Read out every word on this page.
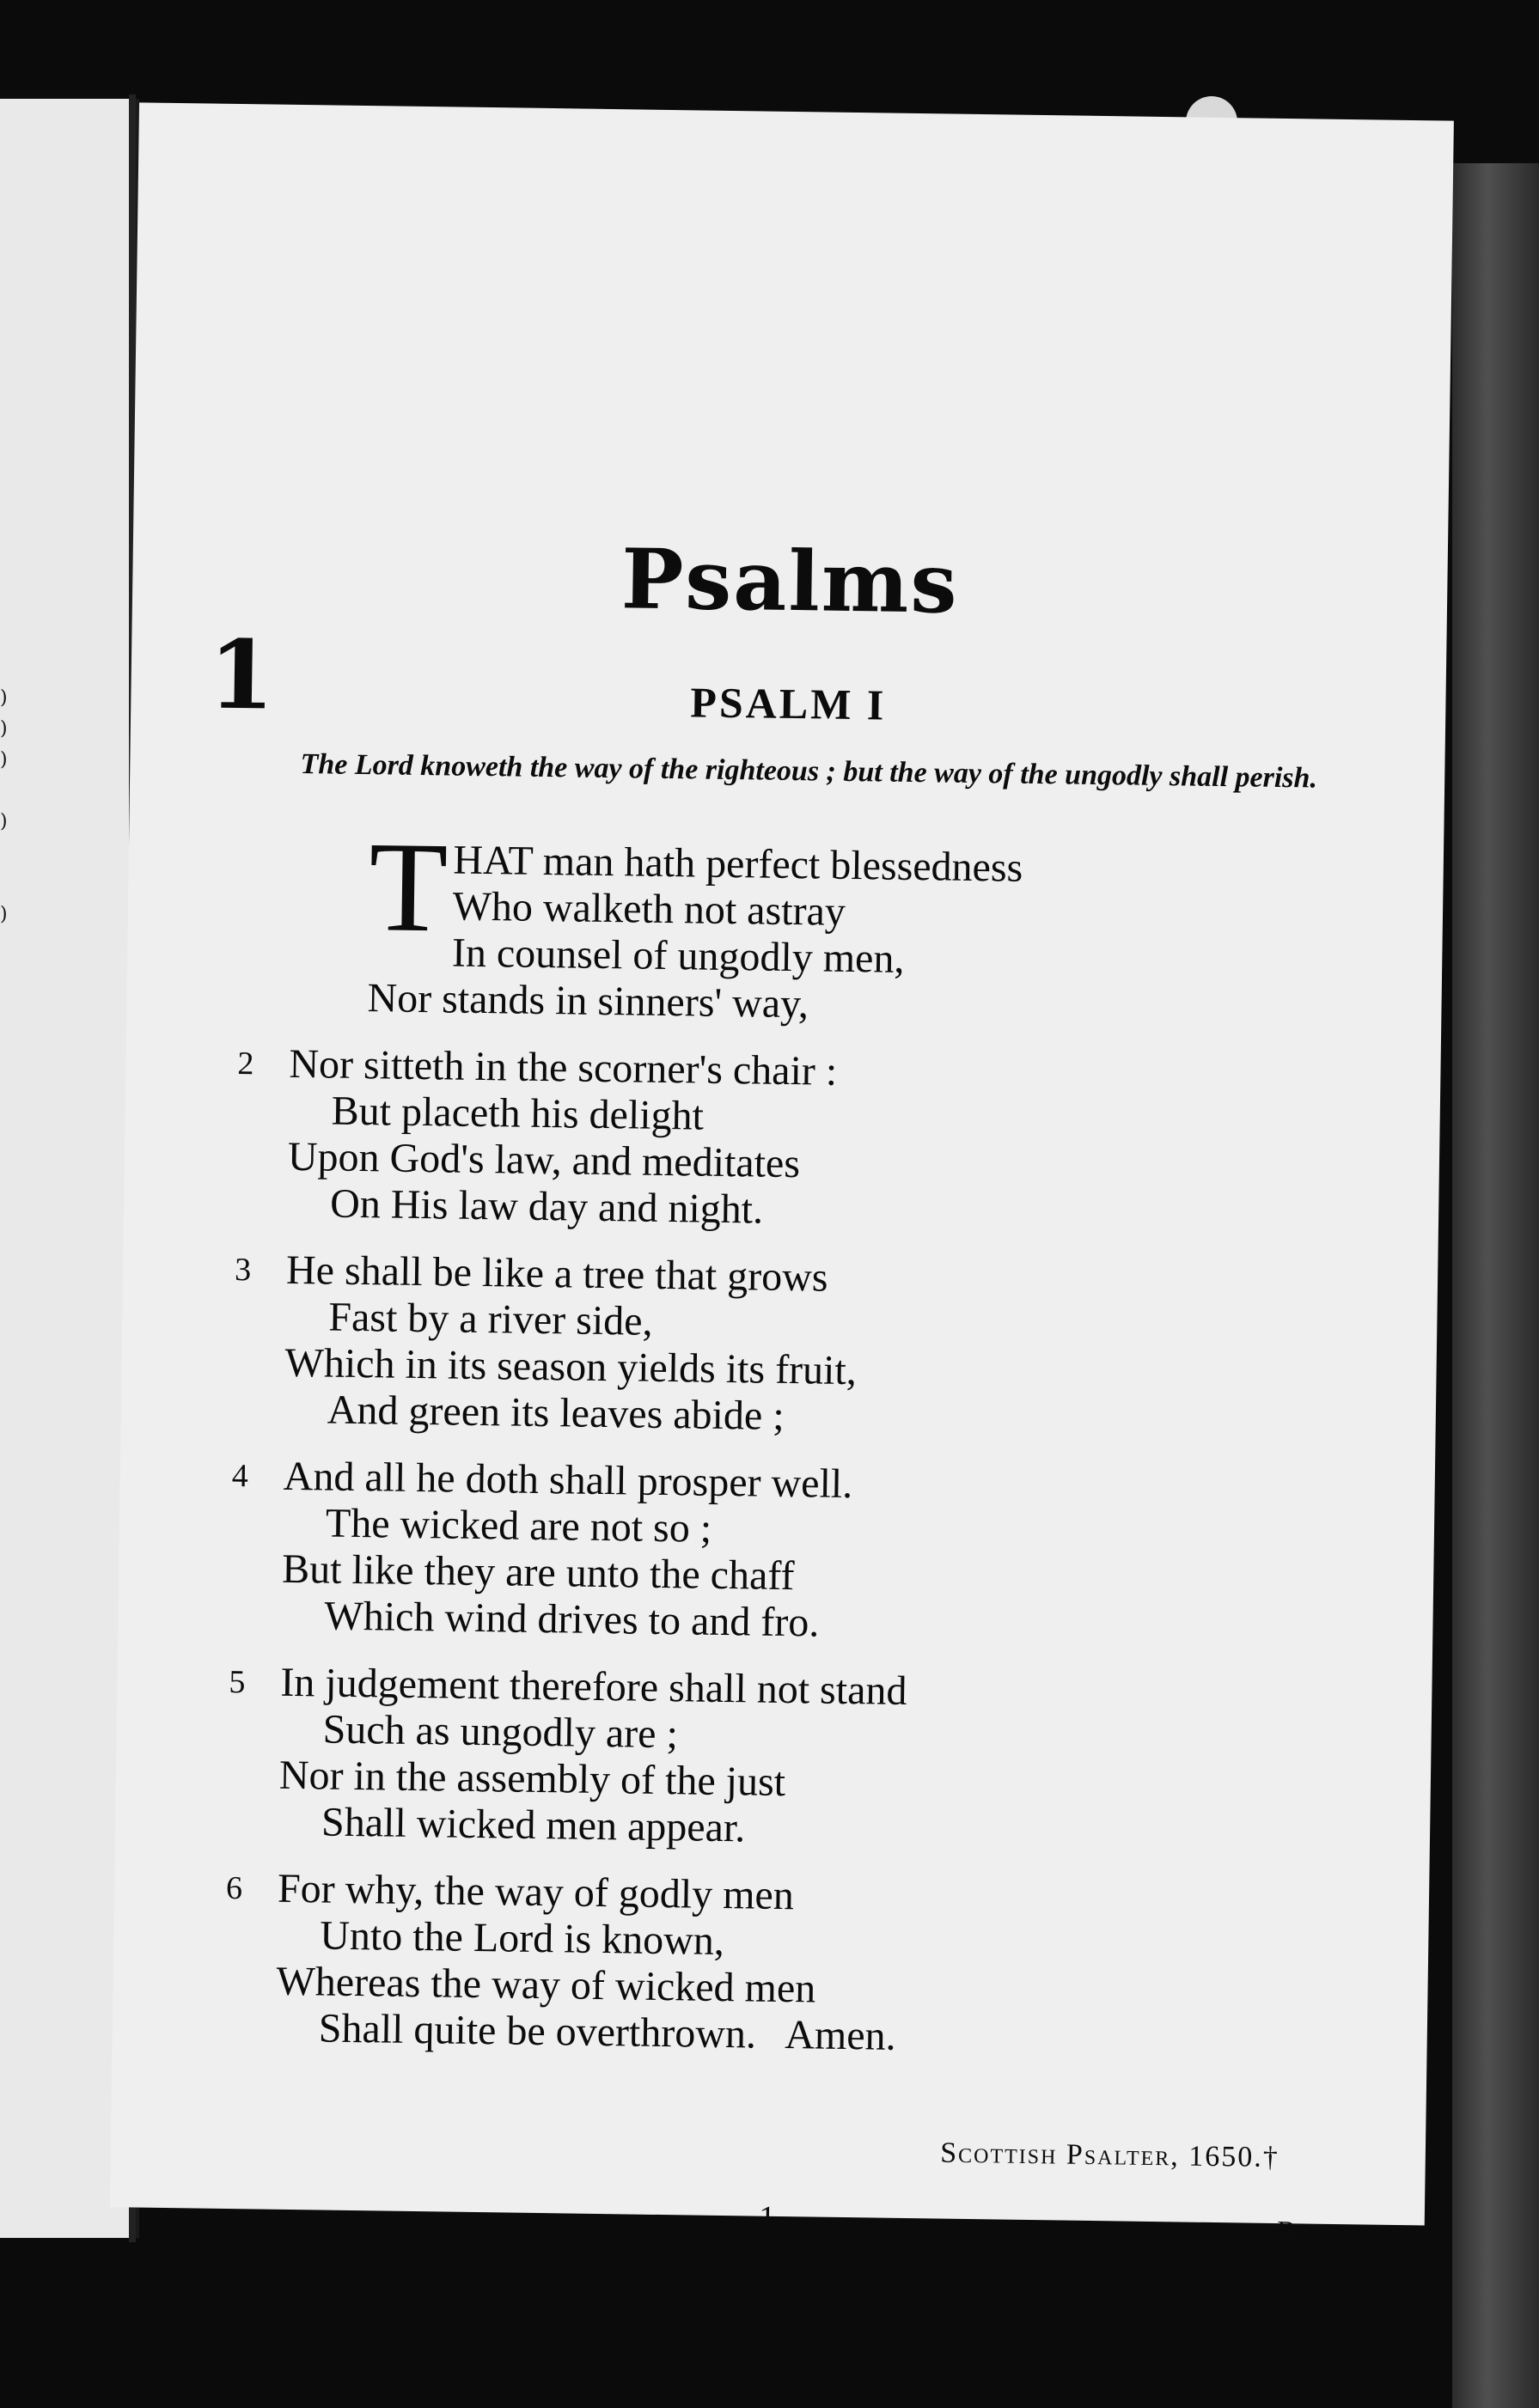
)
)
)

)

)
Psalms
1	PSALM I
The Lord knoweth the way of the righteous ; but the way of the ungodly shall perish.
T HAT man hath perfect blessedness
Who walketh not astray
In counsel of ungodly men,
Nor stands in sinners' way,
2 Nor sitteth in the scorner's chair :
But placeth his delight
Upon God's law, and meditates
On His law day and night.
3 He shall be like a tree that grows
Fast by a river side,
Which in its season yields its fruit,
And green its leaves abide ;
4 And all he doth shall prosper well.
The wicked are not so ;
But like they are unto the chaff
Which wind drives to and fro.
5 In judgement therefore shall not stand
Such as ungodly are ;
Nor in the assembly of the just
Shall wicked men appear.
6 For why, the way of godly men
Unto the Lord is known,
Whereas the way of wicked men
Shall quite be overthrown.   Amen.
Scottish Psalter, 1650.†
1	B
